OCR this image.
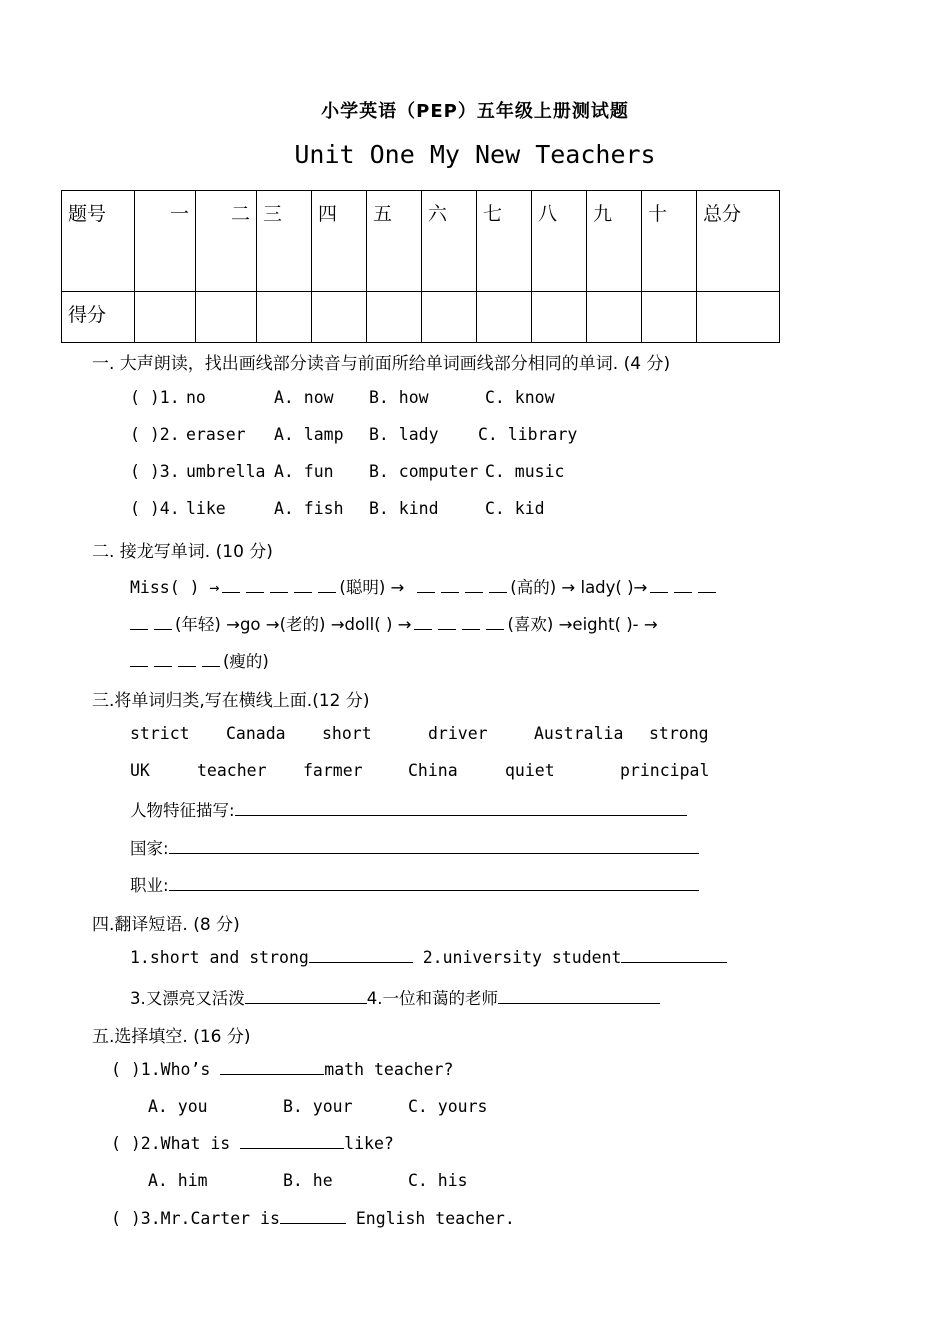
小学英语（PEP）五年级上册测试题
Unit One My New Teachers
题号	一	二	三	四	五	六	七	八	九	十	总分
得分											
一. 大声朗读，找出画线部分读音与前面所给单词画线部分相同的单词. (4 分)
( )1. no	A. now B. how	C. know
( )2. eraser A. lamp B. lady C. library
( )3. umbrella A. fun B. computer C. music
( )4. like	A. fish B. kind	C. kid
二. 接龙写单词. (10 分)
Miss( ) →	(聪明) →	(高的) → lady( )→
(年轻) →go →(老的) →doll( ) →	(喜欢) →eight( )- →
(瘦的)
三.将单词归类,写在横线上面.(12 分)
strict Canada short	driver	Australia strong
UK	teacher farmer	China	quiet	principal
人物特征描写:
国家:
职业:
四.翻译短语. (8 分)
1.short and strong	2.university student
3.又漂亮又活泼	4.一位和蔼的老师
五.选择填空. (16 分)
( )1.Who’s	math teacher?
A. you	B. your	C. yours
( )2.What is	like?
A. him	B. he	C. his
( )3.Mr.Carter is	English teacher.
